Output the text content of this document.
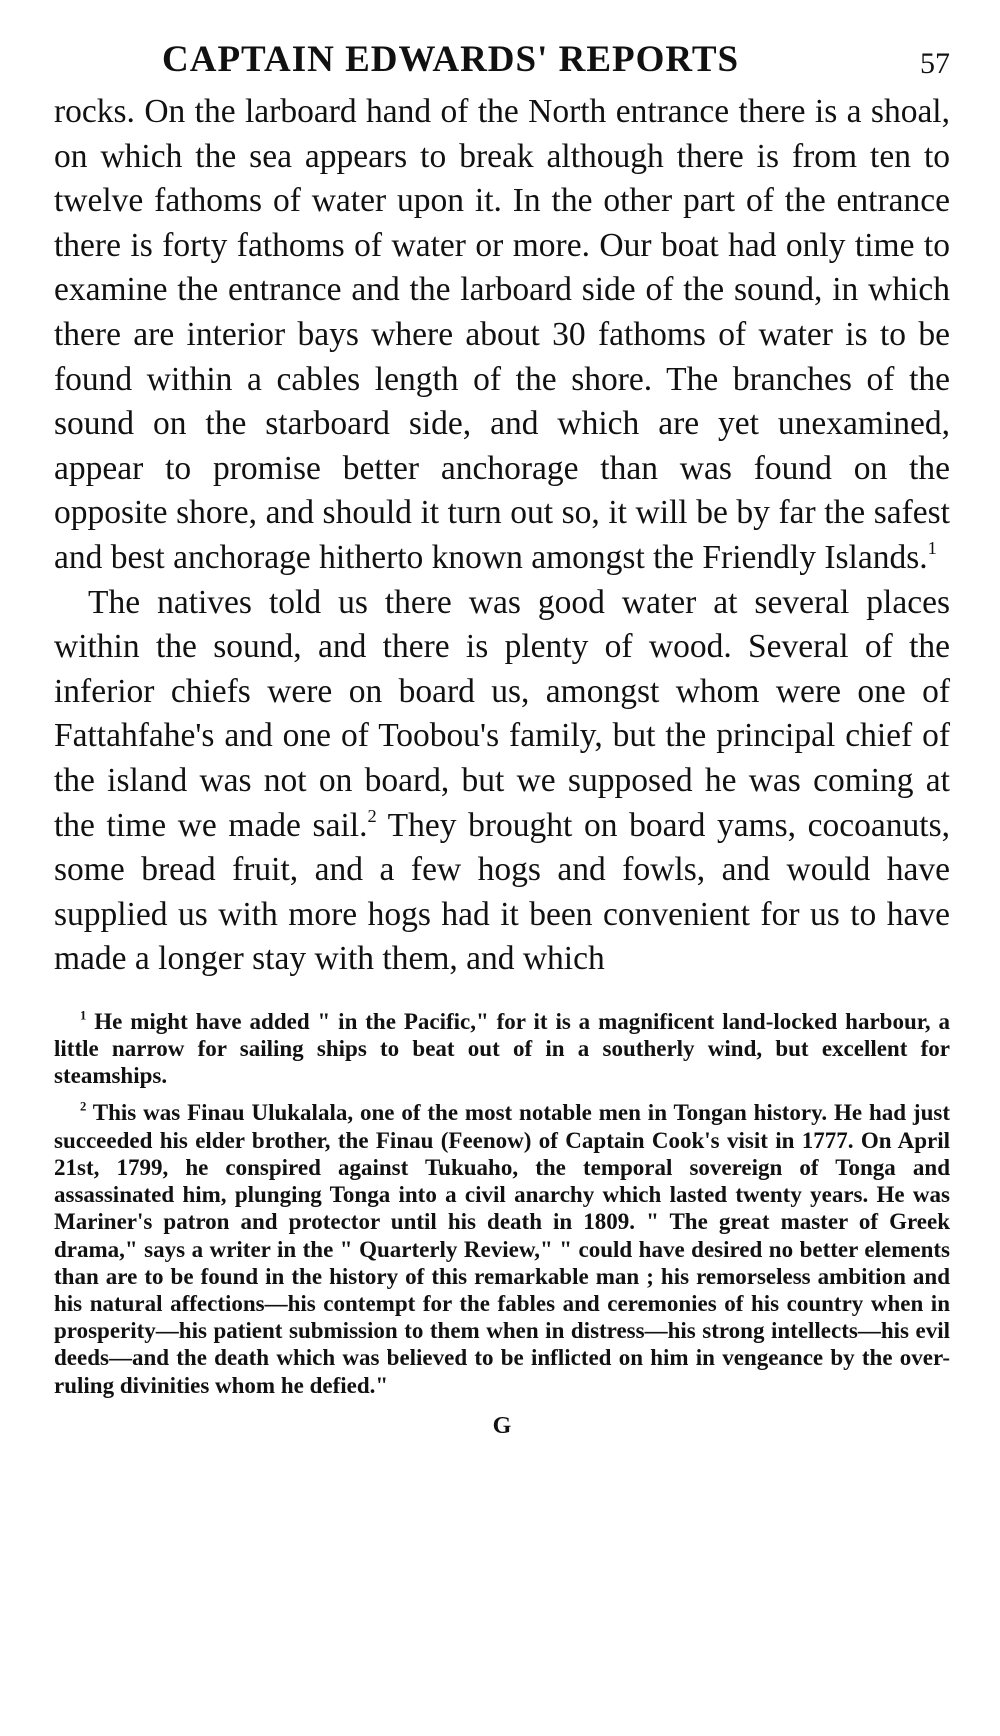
CAPTAIN EDWARDS' REPORTS	57

rocks. On the larboard hand of the North entrance there is a shoal, on which the sea appears to break although there is from ten to twelve fathoms of water upon it. In the other part of the entrance there is forty fathoms of water or more. Our boat had only time to examine the entrance and the larboard side of the sound, in which there are interior bays where about 30 fathoms of water is to be found within a cables length of the shore. The branches of the sound on the starboard side, and which are yet unexamined, appear to promise better anchorage than was found on the opposite shore, and should it turn out so, it will be by far the safest and best anchorage hitherto known amongst the Friendly Islands.$^1$

The natives told us there was good water at several places within the sound, and there is plenty of wood. Several of the inferior chiefs were on board us, amongst whom were one of Fattahfahe's and one of Toobou's family, but the principal chief of the island was not on board, but we supposed he was coming at the time we made sail.$^2$ They brought on board yams, cocoanuts, some bread fruit, and a few hogs and fowls, and would have supplied us with more hogs had it been convenient for us to have made a longer stay with them, and which

$^1$ He might have added " in the Pacific," for it is a magnificent land-locked harbour, a little narrow for sailing ships to beat out of in a southerly wind, but excellent for steamships.

$^2$ This was Finau Ulukalala, one of the most notable men in Tongan history. He had just succeeded his elder brother, the Finau (Feenow) of Captain Cook's visit in 1777. On April 21st, 1799, he conspired against Tukuaho, the temporal sovereign of Tonga and assassinated him, plunging Tonga into a civil anarchy which lasted twenty years. He was Mariner's patron and protector until his death in 1809. " The great master of Greek drama," says a writer in the " Quarterly Review," " could have desired no better elements than are to be found in the history of this remarkable man ; his remorseless ambition and his natural affections—his contempt for the fables and ceremonies of his country when in prosperity—his patient submission to them when in distress—his strong intellects—his evil deeds—and the death which was believed to be inflicted on him in vengeance by the over-ruling divinities whom he defied."

G
